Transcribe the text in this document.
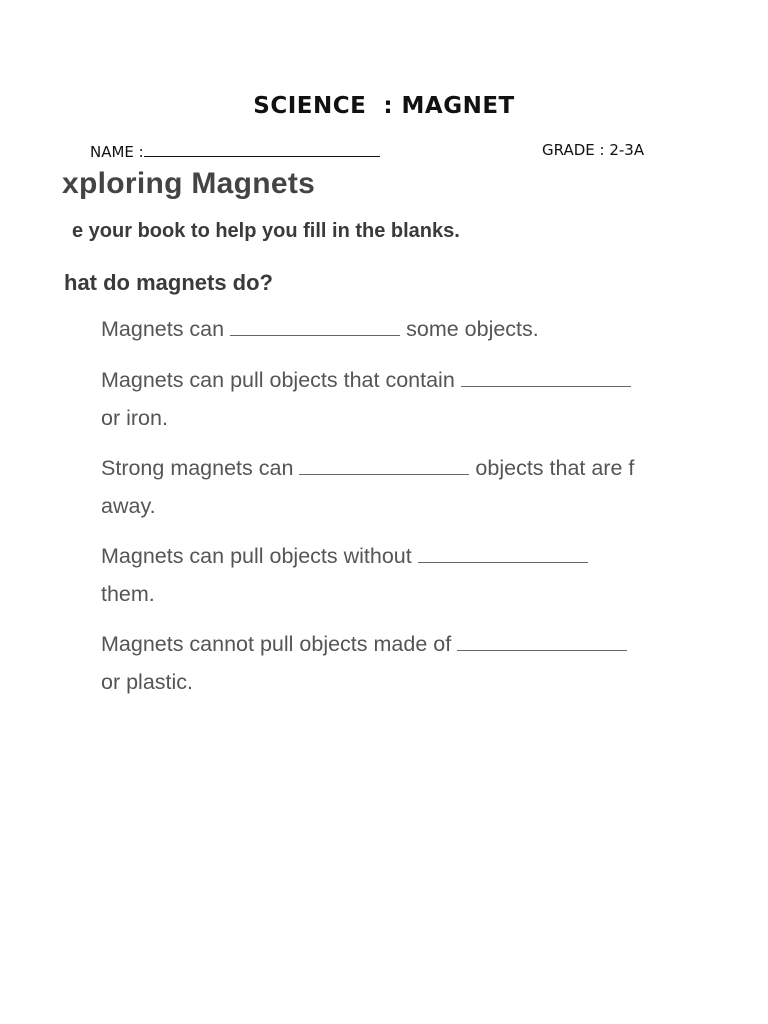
SCIENCE  : MAGNET
NAME :	GRADE : 2-3A
xploring Magnets
e your book to help you fill in the blanks.
hat do magnets do?
Magnets can	some objects.
Magnets can pull objects that contain
or iron.
Strong magnets can	objects that are f
away.
Magnets can pull objects without
them.
Magnets cannot pull objects made of
or plastic.
